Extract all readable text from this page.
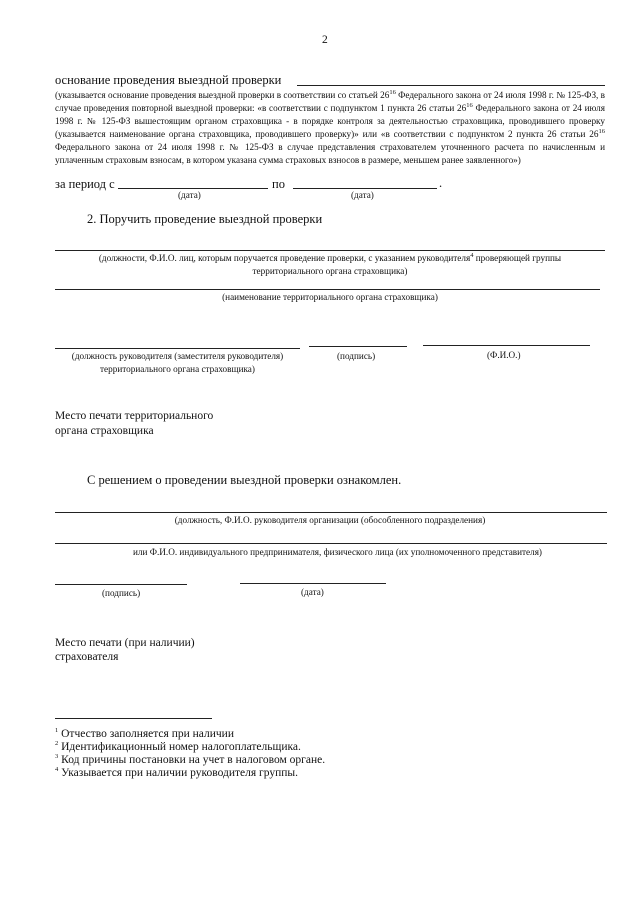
2
основание проведения выездной проверки
(указывается основание проведения выездной проверки в соответствии со статьей $26^{16}$ Федерального закона от 24 июля 1998 г. № 125-ФЗ, в случае проведения повторной выездной проверки: «в соответствии с подпунктом 1 пункта 26 статьи $26^{16}$ Федерального закона от 24 июля 1998 г. № 125-ФЗ вышестоящим органом страховщика - в порядке контроля за деятельностью страховщика, проводившего проверку (указывается наименование органа страховщика, проводившего проверку)» или «в соответствии с подпунктом 2 пункта 26 статьи $26^{16}$ Федерального закона от 24 июля 1998 г. № 125-ФЗ в случае представления страхователем уточненного расчета по начисленным и уплаченным страховым взносам, в котором указана сумма страховых взносов в размере, меньшем ранее заявленного»)
за период с	по	.
(дата)	(дата)
2. Поручить проведение выездной проверки
(должности, Ф.И.О. лиц, которым поручается проведение проверки, с указанием руководителя$^4$ проверяющей группы территориального органа страховщика)
(наименование территориального органа страховщика)
(должность руководителя (заместителя руководителя) территориального органа страховщика)
(подпись)	(Ф.И.О.)
Место печати территориального
органа страховщика
С решением о проведении выездной проверки ознакомлен.
(должность, Ф.И.О. руководителя организации (обособленного подразделения)
или Ф.И.О. индивидуального предпринимателя, физического лица (их уполномоченного представителя)
(подпись)	(дата)
Место печати (при наличии)
страхователя
$^1$ Отчество заполняется при наличии
$^2$ Идентификационный номер налогоплательщика.
$^3$ Код причины постановки на учет в налоговом органе.
$^4$ Указывается при наличии руководителя группы.
